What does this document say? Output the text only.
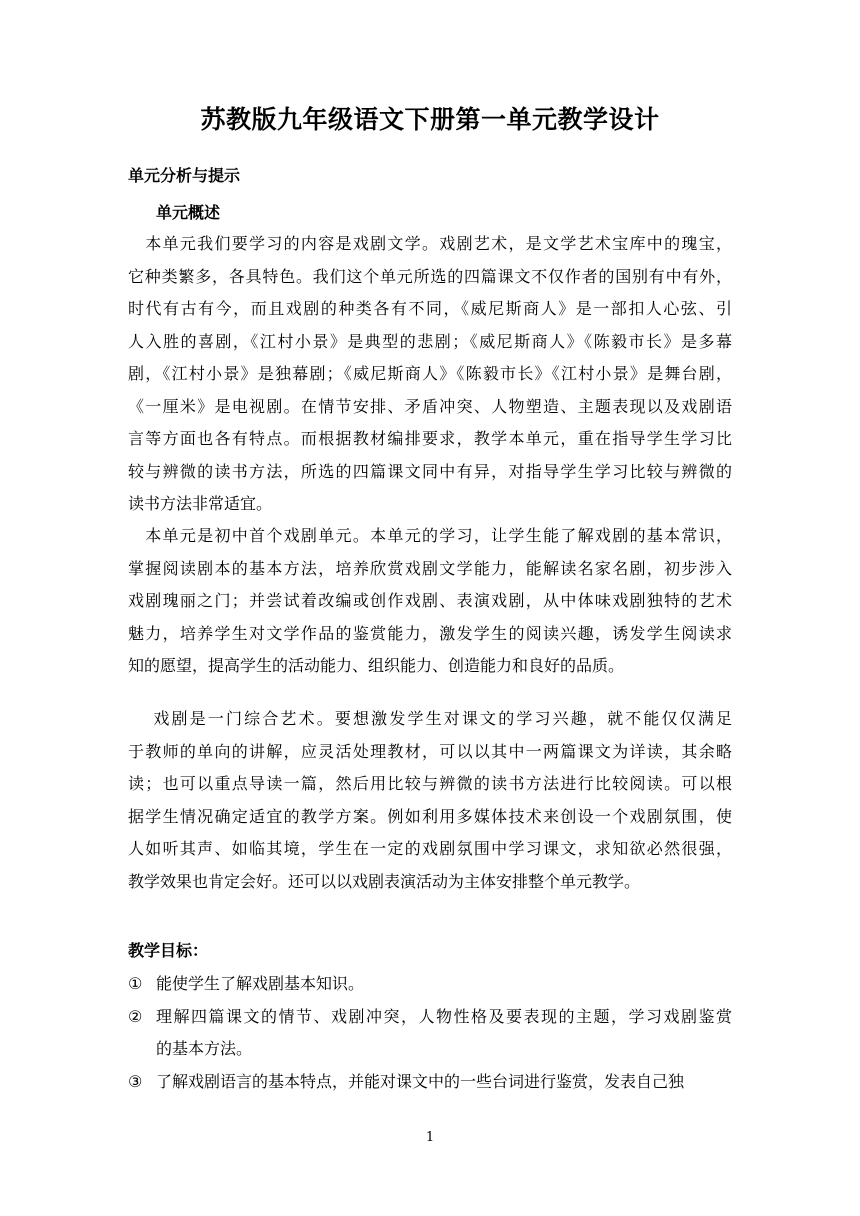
苏教版九年级语文下册第一单元教学设计
单元分析与提示
单元概述
　本单元我们要学习的内容是戏剧文学。戏剧艺术，是文学艺术宝库中的瑰宝，
它种类繁多，各具特色。我们这个单元所选的四篇课文不仅作者的国别有中有外，
时代有古有今，而且戏剧的种类各有不同，《威尼斯商人》是一部扣人心弦、引
人入胜的喜剧，《江村小景》是典型的悲剧；《威尼斯商人》《陈毅市长》是多幕
剧，《江村小景》是独幕剧；《威尼斯商人》《陈毅市长》《江村小景》是舞台剧，
《一厘米》是电视剧。在情节安排、矛盾冲突、人物塑造、主题表现以及戏剧语
言等方面也各有特点。而根据教材编排要求，教学本单元，重在指导学生学习比
较与辨微的读书方法，所选的四篇课文同中有异，对指导学生学习比较与辨微的
读书方法非常适宜。
　本单元是初中首个戏剧单元。本单元的学习，让学生能了解戏剧的基本常识，
掌握阅读剧本的基本方法，培养欣赏戏剧文学能力，能解读名家名剧，初步涉入
戏剧瑰丽之门；并尝试着改编或创作戏剧、表演戏剧，从中体味戏剧独特的艺术
魅力，培养学生对文学作品的鉴赏能力，激发学生的阅读兴趣，诱发学生阅读求
知的愿望，提高学生的活动能力、组织能力、创造能力和良好的品质。
　 戏剧是一门综合艺术。要想激发学生对课文的学习兴趣，就不能仅仅满足
于教师的单向的讲解，应灵活处理教材，可以以其中一两篇课文为详读，其余略
读；也可以重点导读一篇，然后用比较与辨微的读书方法进行比较阅读。可以根
据学生情况确定适宜的教学方案。例如利用多媒体技术来创设一个戏剧氛围，使
人如听其声、如临其境，学生在一定的戏剧氛围中学习课文，求知欲必然很强，
教学效果也肯定会好。还可以以戏剧表演活动为主体安排整个单元教学。
教学目标：
① 能使学生了解戏剧基本知识。
② 理解四篇课文的情节、戏剧冲突，人物性格及要表现的主题，学习戏剧鉴赏
的基本方法。
③ 了解戏剧语言的基本特点，并能对课文中的一些台词进行鉴赏，发表自己独
1
